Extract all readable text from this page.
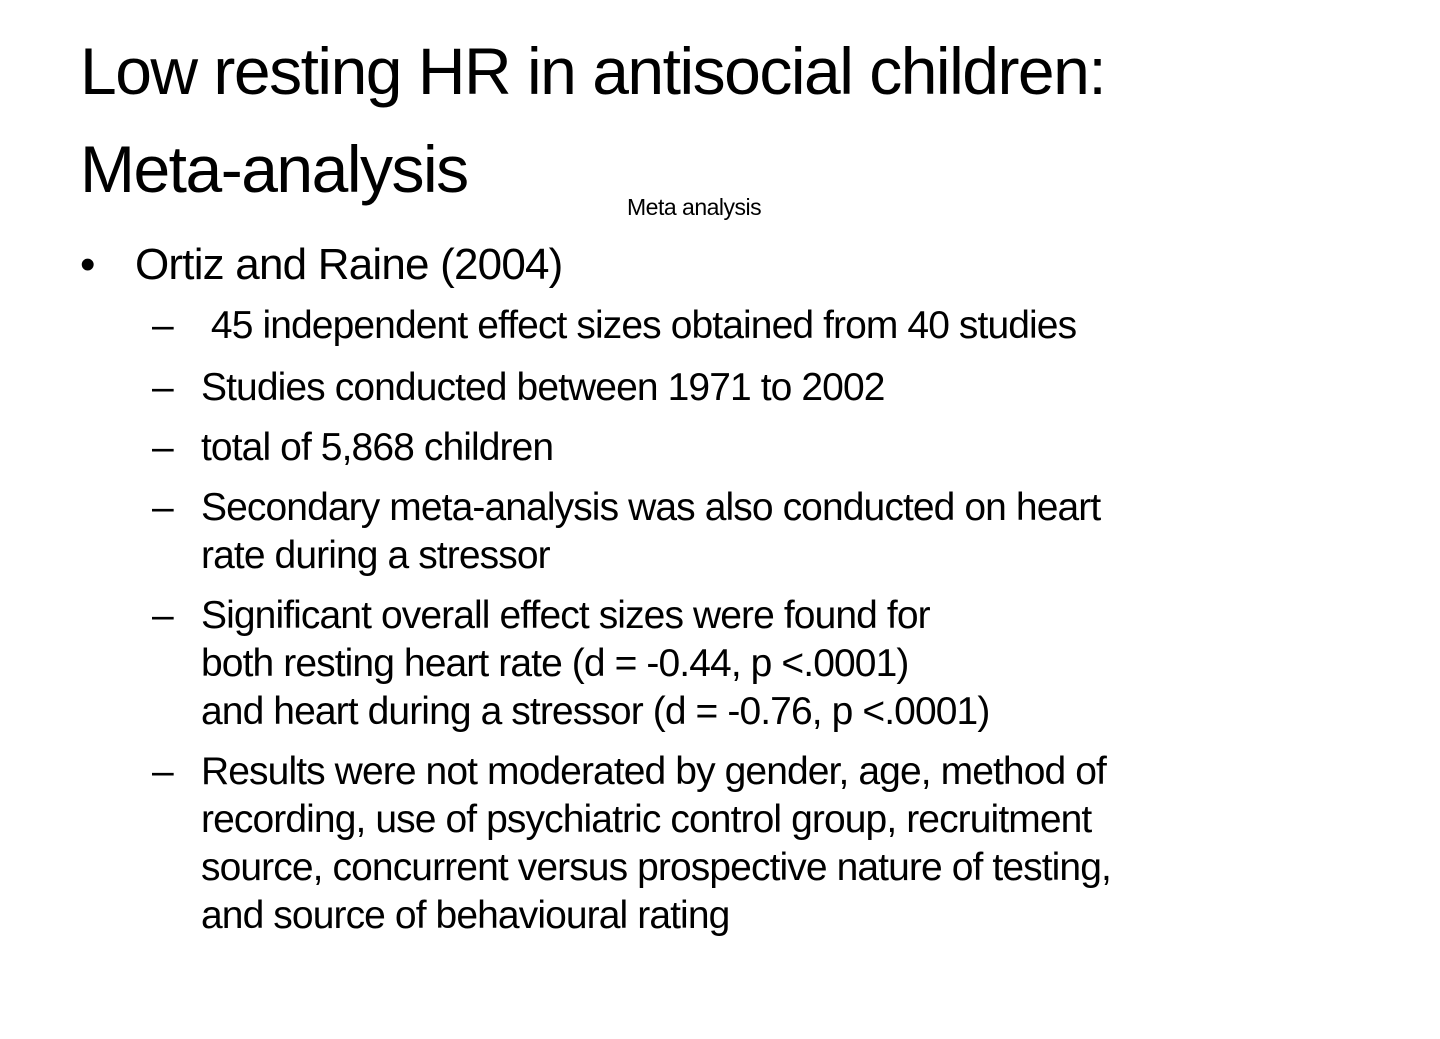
Low resting HR in antisocial children:
Meta-analysis
Meta analysis
• Ortiz and Raine (2004)
– 45 independent effect sizes obtained from 40 studies
– Studies conducted between 1971 to 2002
– total of 5,868 children
– Secondary meta-analysis was also conducted on heart
rate during a stressor
– Significant overall effect sizes were found for
both resting heart rate (d = -0.44, p <.0001)
and heart during a stressor (d = -0.76, p <.0001)
– Results were not moderated by gender, age, method of
recording, use of psychiatric control group, recruitment
source, concurrent versus prospective nature of testing,
and source of behavioural rating
